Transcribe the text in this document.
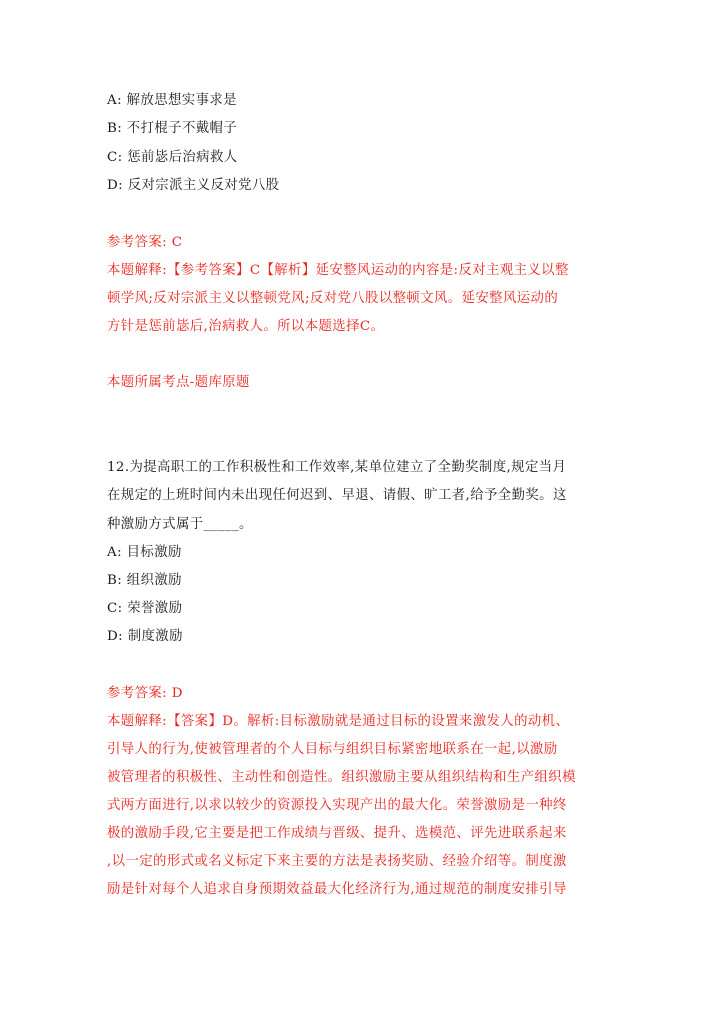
A: 解放思想实事求是

B: 不打棍子不戴帽子

C: 惩前毖后治病救人

D: 反对宗派主义反对党八股

参考答案: C

本题解释:【参考答案】C【解析】延安整风运动的内容是:反对主观主义以整

顿学风;反对宗派主义以整顿党风;反对党八股以整顿文风。延安整风运动的

方针是惩前毖后,治病救人。所以本题选择C。

本题所属考点-题库原题

12.为提高职工的工作积极性和工作效率,某单位建立了全勤奖制度,规定当月

在规定的上班时间内未出现任何迟到、早退、请假、旷工者,给予全勤奖。这

种激励方式属于_____。

A: 目标激励

B: 组织激励

C: 荣誉激励

D: 制度激励

参考答案: D

本题解释:【答案】D。解析:目标激励就是通过目标的设置来激发人的动机、

引导人的行为,使被管理者的个人目标与组织目标紧密地联系在一起,以激励

被管理者的积极性、主动性和创造性。组织激励主要从组织结构和生产组织模

式两方面进行,以求以较少的资源投入实现产出的最大化。荣誉激励是一种终

极的激励手段,它主要是把工作成绩与晋级、提升、选模范、评先进联系起来

,以一定的形式或名义标定下来主要的方法是表扬奖励、经验介绍等。制度激

励是针对每个人追求自身预期效益最大化经济行为,通过规范的制度安排引导
